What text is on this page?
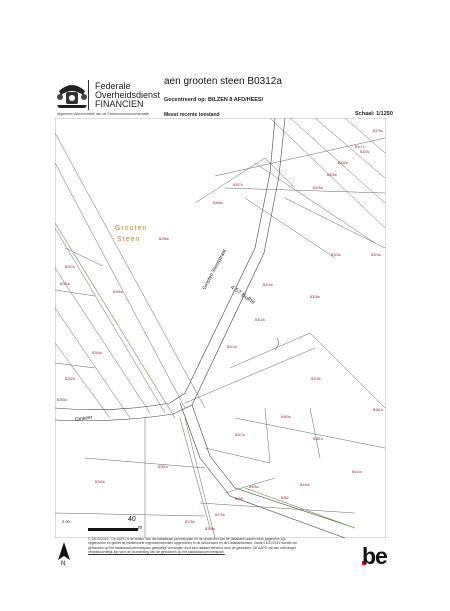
Federale
Overheidsdienst
FINANCIEN
Algemene Administratie van de Patrimoniumdocumentatie
aen grooten steen B0312a
Gecentreerd op: BILZEN 8 AFD/HEES/
Meest recente toestand	Schaal: 1/1250
Grooten Steenstraat
Omkeer
Grooten
Steen
4.57 Bulhe
B375a
B317c
B320c
B330a
B326a
B325a
B307a
B306a
B324a
B323a
B258a
B267a
B261a
B266a
B310a
B318a
B312a
B312b
B264a
B319b
B262b
B263a
B491a
B493a
B317a
B481a
B251a
B444a
B250a
B440a
B405a
B488	B452
B270a
B278a
B268a
0.00	40
m
N
© 29/10/2019 - De AAPD is de auteur van het kadastraal perceelsplan en de producent van de databank waarin deze gegevens zijn
opgenomen en geniet de intellectuele eigendomsrechten opgenomen in de Auteurswet en de Databankenwet. Vanaf 01/01/2019 worden de
gebouwen op het kadastraal perceelsplan geleidelijk vervangen door een dataset beheerd door de gewesten. De AAPD zal dan niet langer
verantwoordelijk zijn voor de voorstelling van de gebouwen op het kadastraal perceelsplan.	be
